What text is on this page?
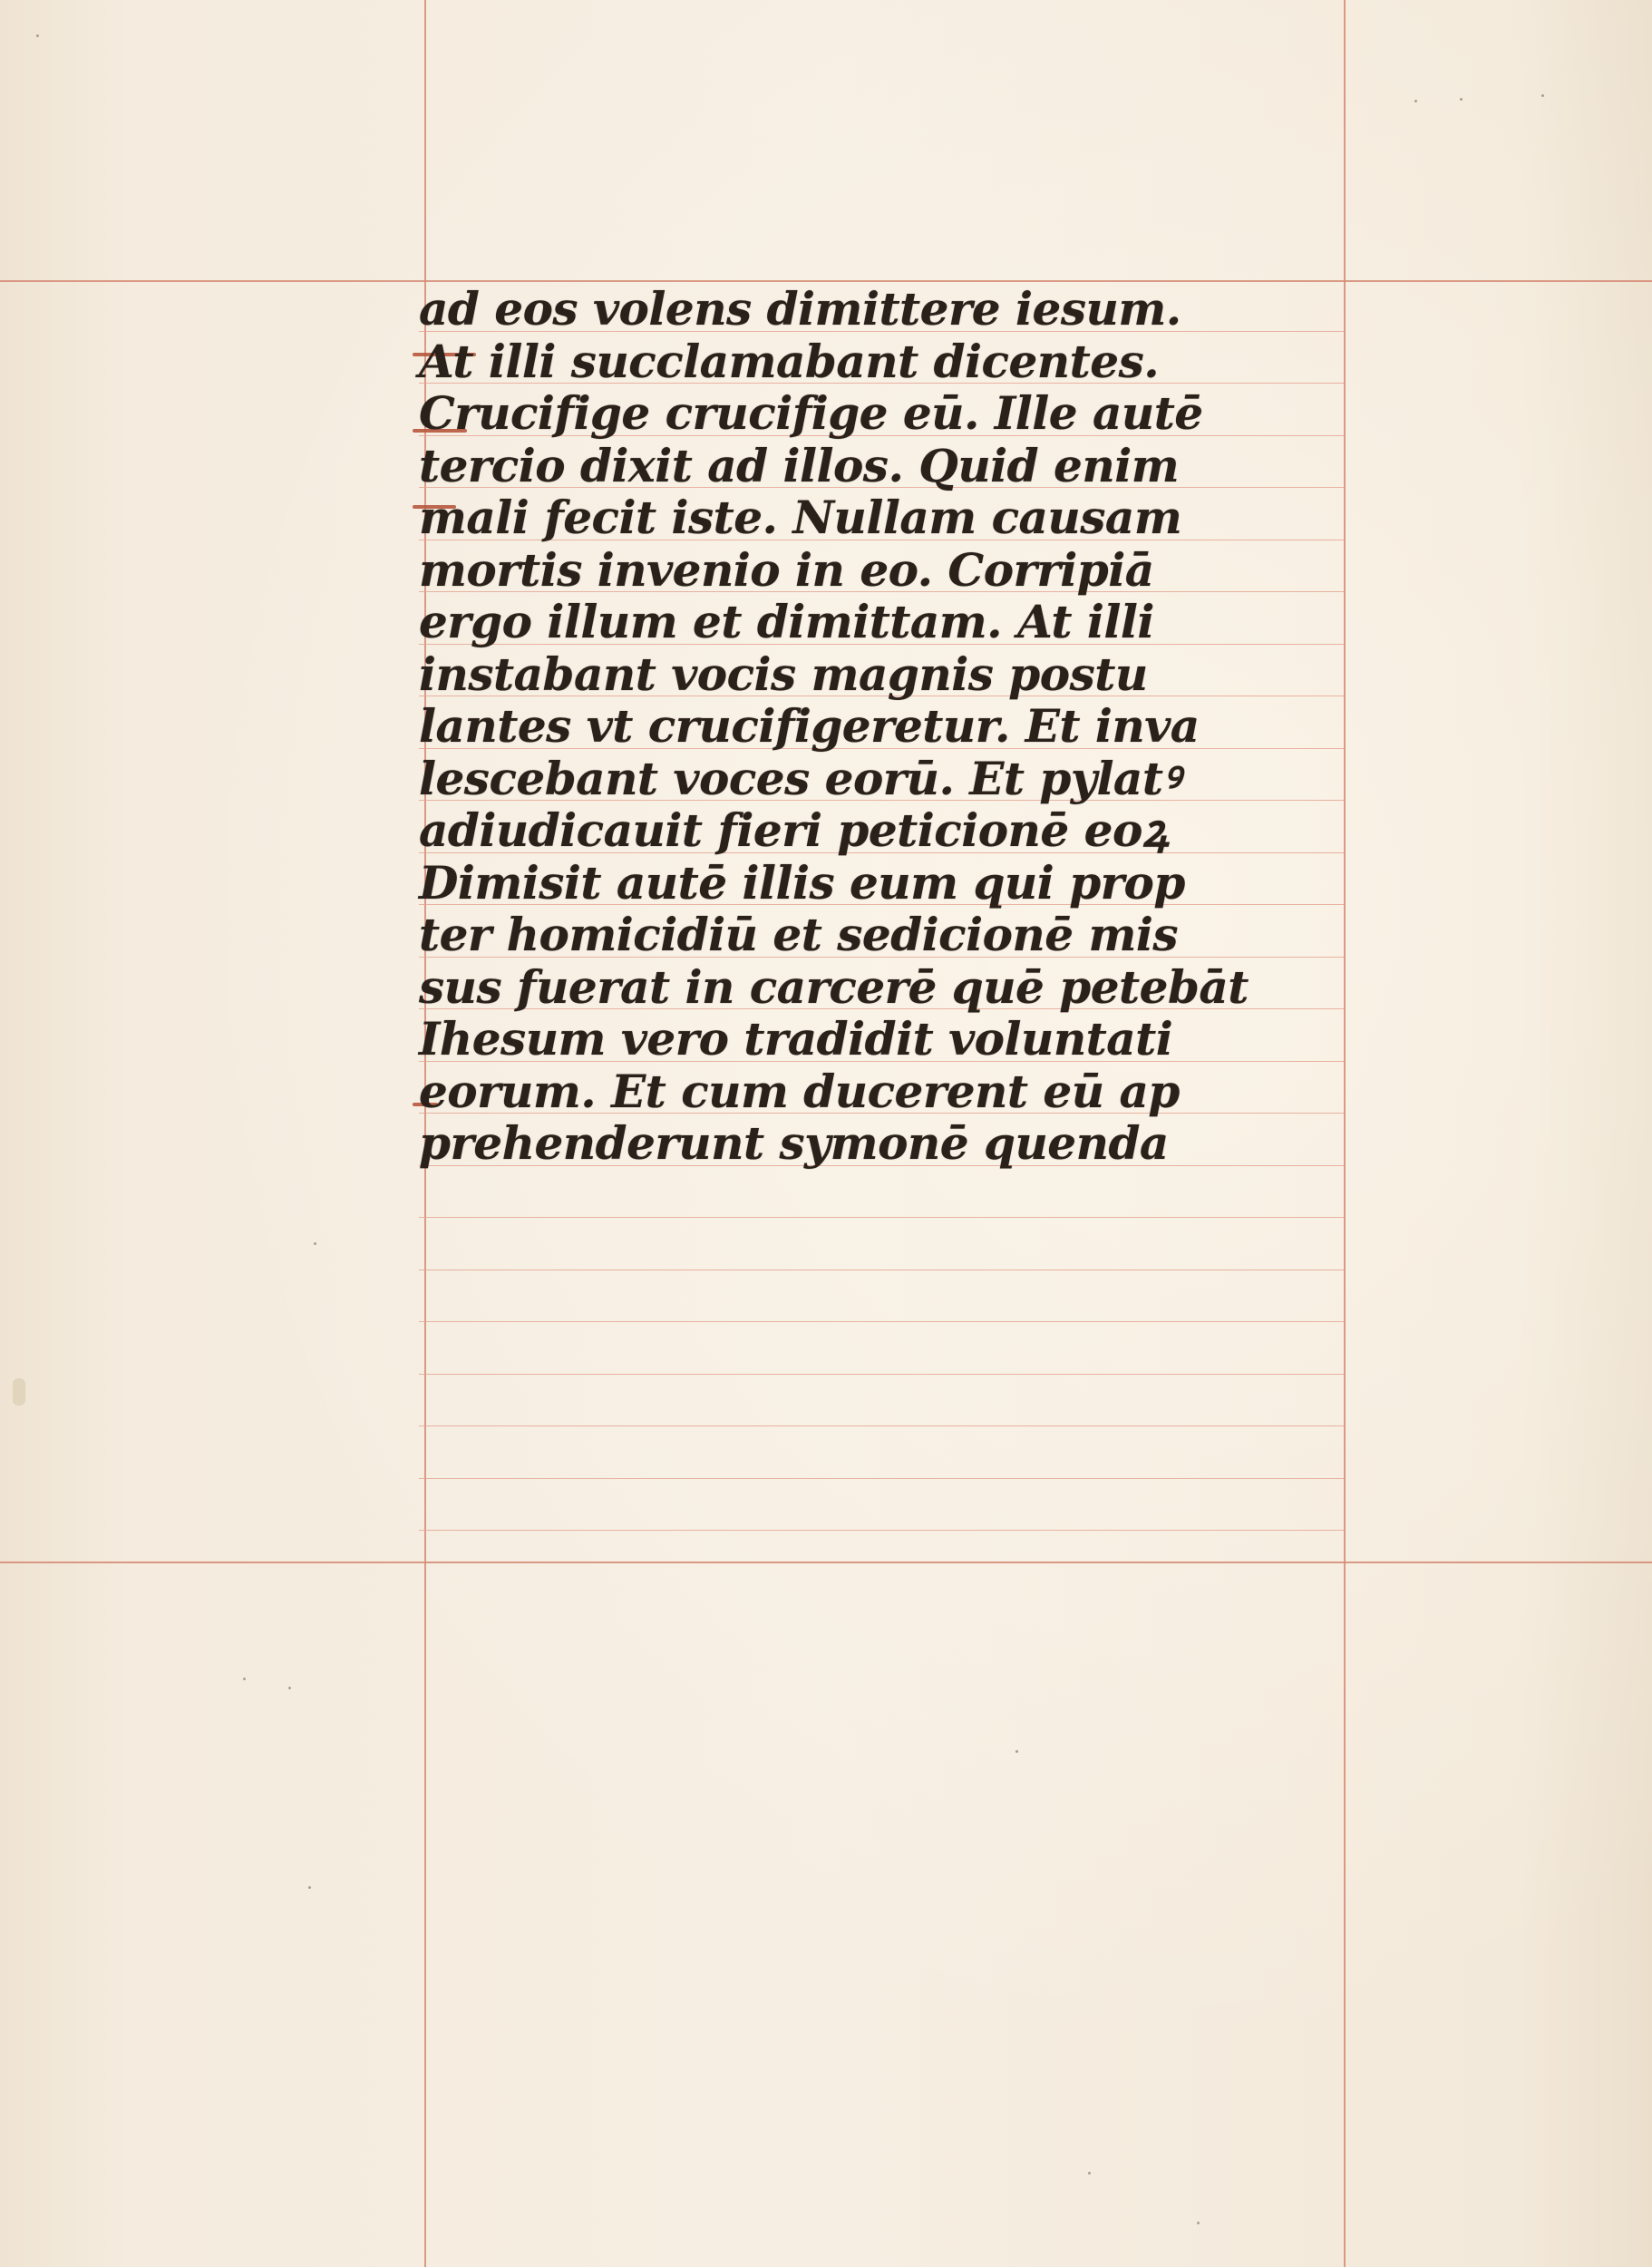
ad eos volens dimittere iesum.
At illi succlamabant dicentes.
Crucifige crucifige eū. Ille autē
tercio dixit ad illos. Quid enim
mali fecit iste. Nullam causam
mortis invenio in eo. Corripiā
ergo illum et dimittam. At illi
instabant vocis magnis postu
lantes vt crucifigeretur. Et inva
lescebant voces eorū. Et pylatꝰ
adiudicauit fieri peticionē eoꝝ
Dimisit autē illis eum qui prop
ter homicidiū et sedicionē mis
sus fuerat in carcerē quē petebāt
Ihesum vero tradidit voluntati
eorum. Et cum ducerent eū ap
prehenderunt symonē quenda
